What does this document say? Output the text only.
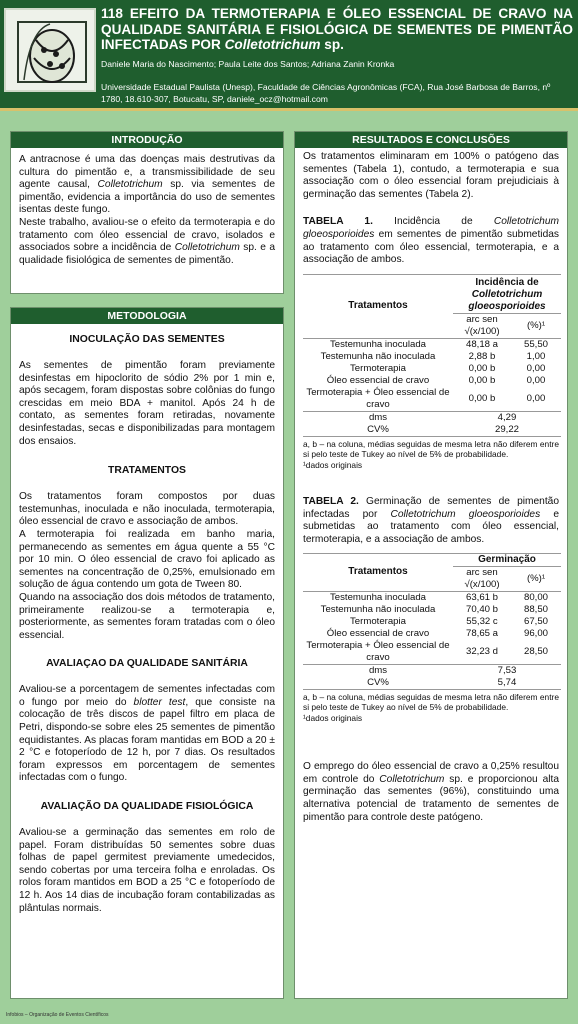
118 EFEITO DA TERMOTERAPIA E ÓLEO ESSENCIAL DE CRAVO NA QUALIDADE SANITÁRIA E FISIOLÓGICA DE SEMENTES DE PIMENTÃO INFECTADAS POR Colletotrichum sp.
Daniele Maria do Nascimento; Paula Leite dos Santos; Adriana Zanin Kronka
Universidade Estadual Paulista (Unesp), Faculdade de Ciências Agronômicas (FCA), Rua José Barbosa de Barros, nº 1780, 18.610-307, Botucatu, SP, daniele_ocz@hotmail.com
INTRODUÇÃO
A antracnose é uma das doenças mais destrutivas da cultura do pimentão e, a transmissibilidade de seu agente causal, Colletotrichum sp. via sementes de pimentão, evidencia a importância do uso de sementes isentas deste fungo.
Neste trabalho, avaliou-se o efeito da termoterapia e do tratamento com óleo essencial de cravo, isolados e associados sobre a incidência de Colletotrichum sp. e a qualidade fisiológica de sementes de pimentão.
METODOLOGIA
INOCULAÇÃO DAS SEMENTES
As sementes de pimentão foram previamente desinfestas em hipoclorito de sódio 2% por 1 min e, após secagem, foram dispostas sobre colônias do fungo crescidas em meio BDA + manitol. Após 24 h de contato, as sementes foram retiradas, novamente desinfestadas, secas e disponibilizadas para montagem dos ensaios.
TRATAMENTOS
Os tratamentos foram compostos por duas testemunhas, inoculada e não inoculada, termoterapia, óleo essencial de cravo e associação de ambos.
A termoterapia foi realizada em banho maria, permanecendo as sementes em água quente a 55 °C por 10 min. O óleo essencial de cravo foi aplicado as sementes na concentração de 0,25%, emulsionado em solução de água contendo um gota de Tween 80.
Quando na associação dos dois métodos de tratamento, primeiramente realizou-se a termoterapia e, posteriormente, as sementes foram tratadas com o óleo essencial.
AVALIAÇAO DA QUALIDADE SANITÁRIA
Avaliou-se a porcentagem de sementes infectadas com o fungo por meio do blotter test, que consiste na colocação de três discos de papel filtro em placa de Petri, dispondo-se sobre eles 25 sementes de pimentão equidistantes. As placas foram mantidas em BOD a 20 ± 2 °C e fotoperíodo de 12 h, por 7 dias. Os resultados foram expressos em porcentagem de sementes infectadas com o fungo.
AVALIAÇÃO DA QUALIDADE FISIOLÓGICA
Avaliou-se a germinação das sementes em rolo de papel. Foram distribuídas 50 sementes sobre duas folhas de papel germitest previamente umedecidos, sendo cobertas por uma terceira folha e enroladas. Os rolos foram mantidos em BOD a 25 °C e fotoperíodo de 12 h. Aos 14 dias de incubação foram contabilizadas as plântulas normais.
RESULTADOS E CONCLUSÕES
Os tratamentos eliminaram em 100% o patógeno das sementes (Tabela 1), contudo, a termoterapia e sua associação com o óleo essencial foram prejudiciais à germinação das sementes (Tabela 2).
TABELA 1. Incidência de Colletotrichum gloeosporioides em sementes de pimentão submetidas ao tratamento com óleo essencial, termoterapia, e a associação de ambos.
Tratamentos	Incidência de
Colletotrichum gloeosporioides	
	arc sen √(x/100)	(%)¹
Testemunha inoculada	48,18 a	55,50
Testemunha não inoculada	2,88 b	1,00
Termoterapia	0,00 b	0,00
Óleo essencial de cravo	0,00 b	0,00
Termoterapia + Óleo essencial de cravo	0,00 b	0,00
dms	4,29	
CV%	29,22	
a, b – na coluna, médias seguidas de mesma letra não diferem entre si pelo teste de Tukey ao nível de 5% de probabilidade.
¹dados originais
TABELA 2. Germinação de sementes de pimentão infectadas por Colletotrichum gloeosporioides e submetidas ao tratamento com óleo essencial, termoterapia, e a associação de ambos.
Tratamentos	Germinação	
	arc sen √(x/100)	(%)¹
Testemunha inoculada	63,61 b	80,00
Testemunha não inoculada	70,40 b	88,50
Termoterapia	55,32 c	67,50
Óleo essencial de cravo	78,65 a	96,00
Termoterapia + Óleo essencial de cravo	32,23 d	28,50
dms	7,53	
CV%	5,74	
a, b – na coluna, médias seguidas de mesma letra não diferem entre si pelo teste de Tukey ao nível de 5% de probabilidade.
¹dados originais
O emprego do óleo essencial de cravo a 0,25% resultou em controle do Colletotrichum sp. e proporcionou alta germinação das sementes (96%), constituindo uma alternativa potencial de tratamento de sementes de pimentão para controle deste patógeno.
Infobios – Organização de Eventos Científicos
